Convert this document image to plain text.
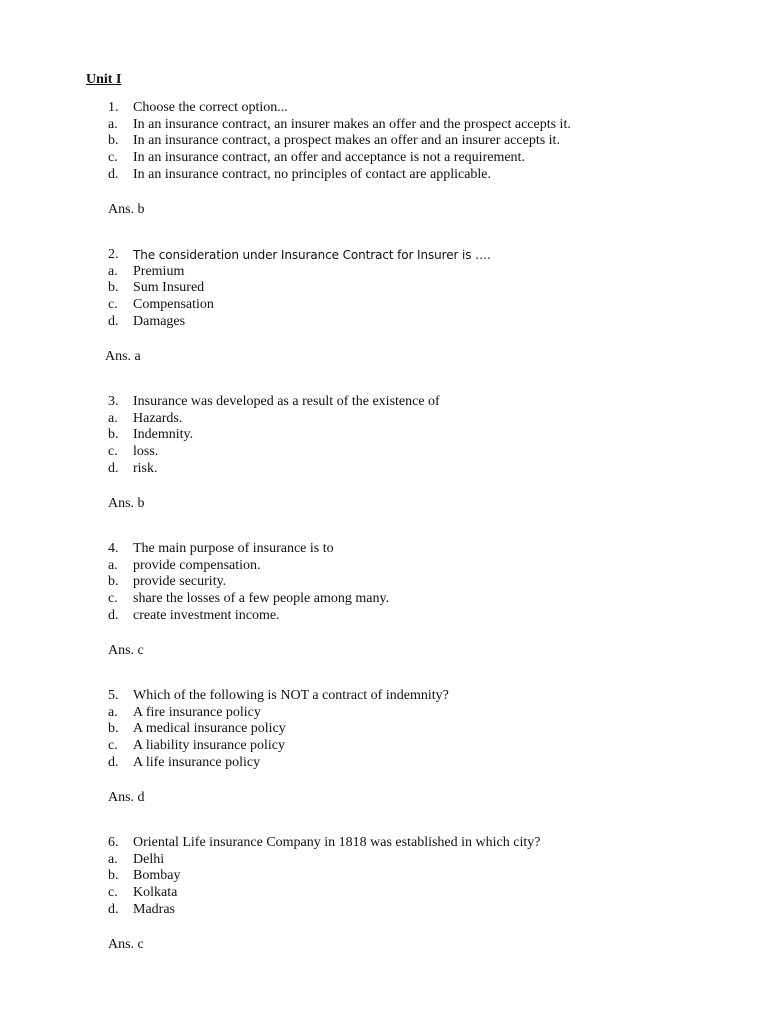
Unit I
1.	Choose the correct option...
a.	In an insurance contract, an insurer makes an offer and the prospect accepts it.
b.	In an insurance contract, a prospect makes an offer and an insurer accepts it.
c.	In an insurance contract, an offer and acceptance is not a requirement.
d.	In an insurance contract, no principles of contact are applicable.
Ans. b
2.	The consideration under Insurance Contract for Insurer is ….
a.	Premium
b.	Sum Insured
c.	Compensation
d.	Damages
Ans. a
3.	Insurance was developed as a result of the existence of
a.	Hazards.
b.	Indemnity.
c.	loss.
d.	risk.
Ans. b
4.	The main purpose of insurance is to
a.	provide compensation.
b.	provide security.
c.	share the losses of a few people among many.
d.	create investment income.
Ans. c
5.	Which of the following is NOT a contract of indemnity?
a.	A fire insurance policy
b.	A medical insurance policy
c.	A liability insurance policy
d.	A life insurance policy
Ans. d
6.	Oriental Life insurance Company in 1818 was established in which city?
a.	Delhi
b.	Bombay
c.	Kolkata
d.	Madras
Ans. c
